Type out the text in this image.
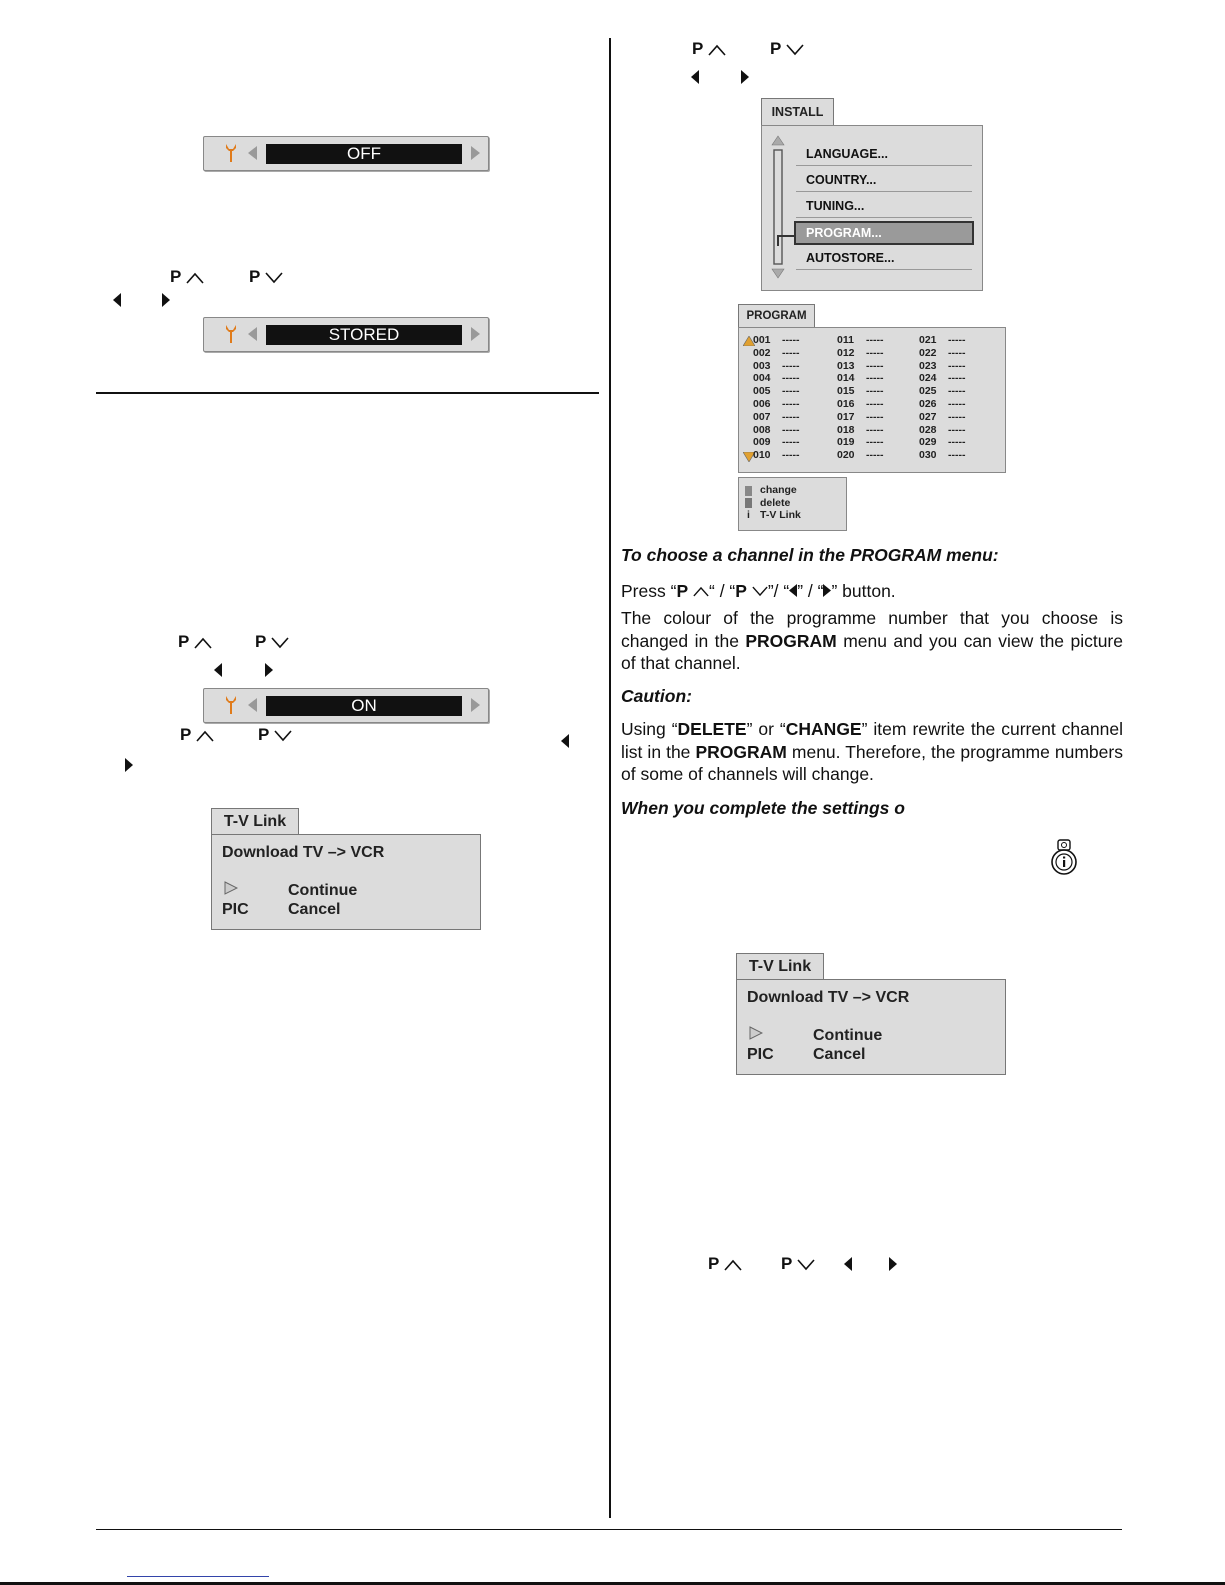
OFF
P	P
STORED
P	P
ON
P	P
T-V Link
Download TV –> VCR
Continue
PIC Cancel
P	P
INSTALL
LANGUAGE...
COUNTRY...
TUNING...
PROGRAM...
AUTOSTORE...
PROGRAM
001 -----	011 -----	021 -----
002 -----	012 -----	022 -----
003 -----	013 -----	023 -----
004 -----	014 -----	024 -----
005 -----	015 -----	025 -----
006 -----	016 -----	026 -----
007 -----	017 -----	027 -----
008 -----	018 -----	028 -----
009 -----	019 -----	029 -----
010 -----	020 -----	030 -----
change
delete
i T-V Link
To choose a channel in the PROGRAM menu:
Press “P “ / “P ”/ “ ” / “ ” button.
The colour of the programme number that you choose is changed in the PROGRAM menu and you can view the picture of that channel.
Caution:
Using “DELETE” or “CHANGE” item rewrite the current channel list in the PROGRAM menu. Therefore, the programme numbers of some of channels will change.
When you complete the settings o
T-V Link
Download TV –> VCR
Continue
PIC Cancel
P	P
